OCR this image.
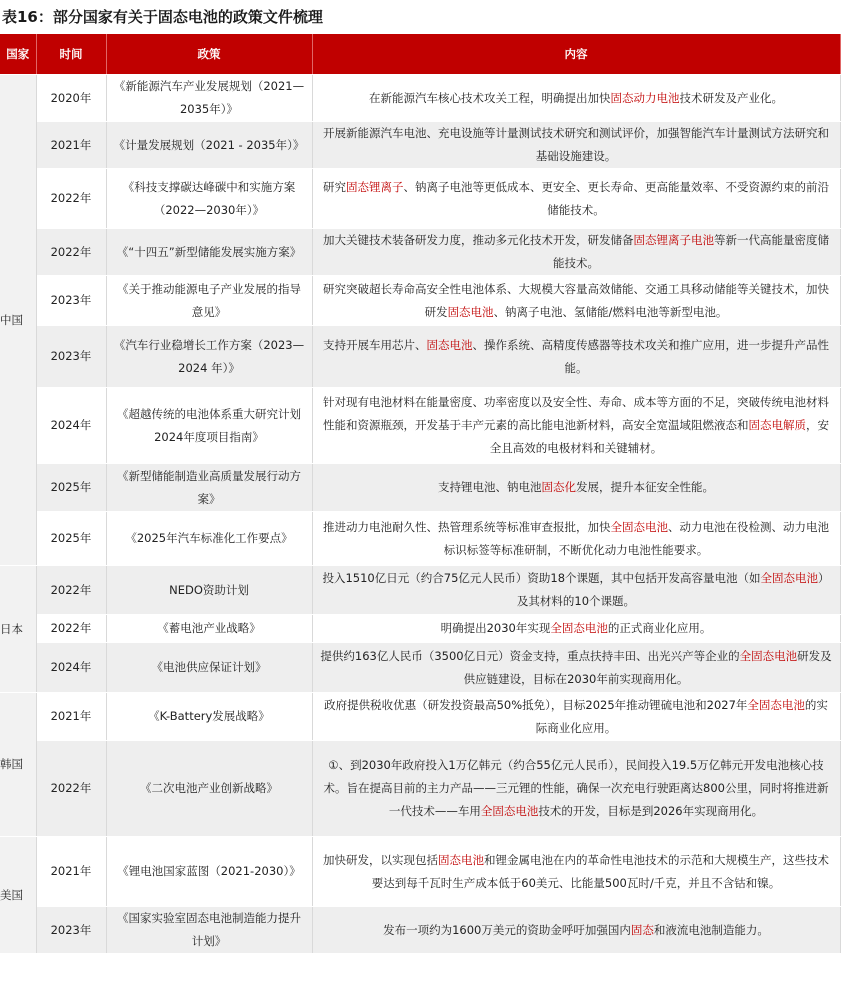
表16：部分国家有关于固态电池的政策文件梳理
国家	时间	政策	内容
中国	2020年	《新能源汽车产业发展规划（2021—2035年）》	在新能源汽车核心技术攻关工程，明确提出加快固态动力电池技术研发及产业化。
	2021年	《计量发展规划（2021 - 2035年）》	开展新能源汽车电池、充电设施等计量测试技术研究和测试评价，加强智能汽车计量测试方法研究和基础设施建设。
	2022年	《科技支撑碳达峰碳中和实施方案（2022—2030年）》	研究固态锂离子、钠离子电池等更低成本、更安全、更长寿命、更高能量效率、不受资源约束的前沿储能技术。
	2022年	《“十四五”新型储能发展实施方案》	加大关键技术装备研发力度，推动多元化技术开发，研发储备固态锂离子电池等新一代高能量密度储能技术。
	2023年	《关于推动能源电子产业发展的指导意见》	研究突破超长寿命高安全性电池体系、大规模大容量高效储能、交通工具移动储能等关键技术，加快研发固态电池、钠离子电池、氢储能/燃料电池等新型电池。
	2023年	《汽车行业稳增长工作方案（2023—2024 年）》	支持开展车用芯片、固态电池、操作系统、高精度传感器等技术攻关和推广应用，进一步提升产品性能。
	2024年	《超越传统的电池体系重大研究计划2024年度项目指南》	针对现有电池材料在能量密度、功率密度以及安全性、寿命、成本等方面的不足，突破传统电池材料性能和资源瓶颈，开发基于丰产元素的高比能电池新材料，高安全宽温域阻燃液态和固态电解质，安全且高效的电极材料和关键辅材。
	2025年	《新型储能制造业高质量发展行动方案》	支持锂电池、钠电池固态化发展，提升本征安全性能。
	2025年	《2025年汽车标准化工作要点》	推进动力电池耐久性、热管理系统等标准审查报批，加快全固态电池、动力电池在役检测、动力电池标识标签等标准研制，不断优化动力电池性能要求。
日本	2022年	NEDO资助计划	投入1510亿日元（约合75亿元人民币）资助18个课题，其中包括开发高容量电池（如全固态电池）及其材料的10个课题。
	2022年	《蓄电池产业战略》	明确提出2030年实现全固态电池的正式商业化应用。
	2024年	《电池供应保证计划》	提供约163亿人民币（3500亿日元）资金支持，重点扶持丰田、出光兴产等企业的全固态电池研发及供应链建设，目标在2030年前实现商用化。
韩国	2021年	《K-Battery发展战略》	政府提供税收优惠（研发投资最高50%抵免），目标2025年推动锂硫电池和2027年全固态电池的实际商业化应用。
	2022年	《二次电池产业创新战略》	①、到2030年政府投入1万亿韩元（约合55亿元人民币），民间投入19.5万亿韩元开发电池核心技术。旨在提高目前的主力产品——三元锂的性能，确保一次充电行驶距离达800公里，同时将推进新一代技术——车用全固态电池技术的开发，目标是到2026年实现商用化。
美国	2021年	《锂电池国家蓝图（2021-2030）》	加快研发，以实现包括固态电池和锂金属电池在内的革命性电池技术的示范和大规模生产，这些技术要达到每千瓦时生产成本低于60美元、比能量500瓦时/千克，并且不含钴和镍。
	2023年	《国家实验室固态电池制造能力提升计划》	发布一项约为1600万美元的资助金呼吁加强国内固态和液流电池制造能力。
